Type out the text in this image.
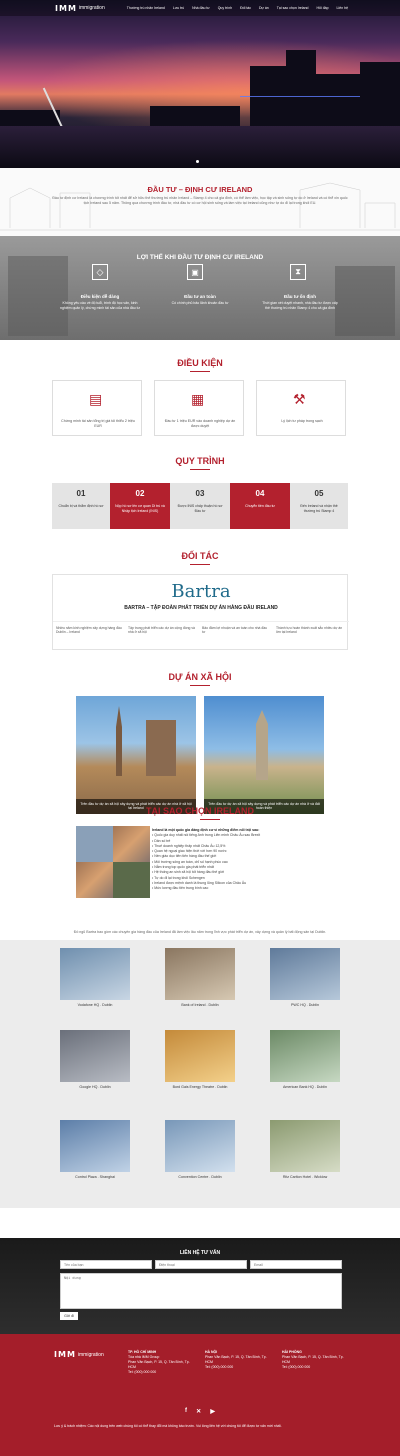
IMM immigration	Thường trú nhân Ireland Lưu trú Nhà đầu tư Quy trình Đối tác Dự án Tại sao chọn Ireland Hỏi đáp Liên hệ
ĐẦU TƯ – ĐỊNH CƯ IRELAND
Đầu tư định cư Ireland là chương trình tốt nhất để sở hữu thẻ thường trú nhân Ireland – Stamp 4 cho cả gia đình, có thể làm việc, học tập và sinh sống tự do ở Ireland và có thể xin quốc tịch Ireland sau 5 năm. Thông qua chương trình đầu tư, nhà đầu tư có cơ hội sinh sống và làm việc tại Ireland cũng như tự do đi lại trong khối EU.
LỢI THẾ KHI ĐẦU TƯ ĐỊNH CƯ IRELAND
◇	▣	⧗
Điều kiện dễ dàng
Không yêu cầu về độ tuổi, trình độ học vấn, kinh nghiệm quản lý, chứng minh tài sản của nhà đầu tư
Đầu tư an toàn
Có chính phủ bảo lãnh khoản đầu tư
Đầu tư ổn định
Thời gian xét duyệt nhanh, nhà đầu tư được cấp thẻ thường trú nhân Stamp 4 cho cả gia đình
ĐIỀU KIỆN
▤
Chứng minh tài sản tổng trị giá tối thiểu 2 triệu EUR
▦
Đầu tư 1 triệu EUR vào doanh nghiệp dự án được duyệt
⚒
Lý lịch tư pháp trong sạch
QUY TRÌNH
01
Chuẩn bị và thẩm định hồ sơ
02
Nộp hồ sơ lên cơ quan Di trú và Nhập tịch Ireland (INIS)
03
Được INIS chấp thuận hồ sơ Đầu tư
04
Chuyển tiền đầu tư
05
Đến Ireland và nhận thẻ thường trú Stamp 4
ĐỐI TÁC
Bartra
BARTRA – TẬP ĐOÀN PHÁT TRIỂN DỰ ÁN HÀNG ĐẦU IRELAND
Nhiều năm kinh nghiệm xây dựng hàng đầu Dublin – Ireland
Tập trung phát triển các dự án cộng đồng và nhà ở xã hội
Bảo đảm lợi nhuận và an toàn cho nhà đầu tư
Thành tựu hoàn thành xuất sắc nhiều dự án lớn tại Ireland
DỰ ÁN XÃ HỘI
Trên đầu tư dự án xã hội xây dựng và phát triển các dự án nhà ở xã hội tại Ireland
Trên đầu tư dự án xã hội xây dựng và phát triển các dự án nhà ở và đất hoàn thiện
TẠI SAO CHỌN IRELAND
Ireland là một quốc gia đáng định cư vì những điểm nổi trội sau:
• Quốc gia duy nhất nói tiếng Anh trong Liên minh Châu Âu sau Brexit
• Dân số trẻ
• Thuế doanh nghiệp thấp nhất Châu Âu 12,5%
• Quan hệ ngoại giao hiện thời với hơn 90 nước
• Nền giáo dục tiên tiến hàng đầu thế giới
• Môi trường sống an toàn, chỉ số hạnh phúc cao
• Nằm trong top quốc gia phát triển nhất
• Hệ thống an sinh xã hội tốt hàng đầu thế giới
• Tự do đi lại trong khối Schengen
• Ireland được mệnh danh là thung lũng Silicon của Châu Âu
• Mức lương đầu tiên trung bình cao
Đô ngũ Bartra bao gồm các chuyên gia hàng đầu của Ireland đã làm việc lâu năm trong lĩnh vực phát triển dự án, xây dựng và quản lý bất động sản tại Dublin.
Vodafone HQ . Dublin	Bank of Ireland . Dublin	PWC HQ . Dublin
Google HQ . Dublin	Bord Gais Energy Theatre . Dublin	American Bank HQ . Dublin
Control Plaza . Shanghai	Convention Centre . Dublin	Ritz Carlton Hotel . Wicklow
LIÊN HỆ TƯ VẤN
Tên của bạn
Điện thoại
Email
Nội dung
Gửi đi
IMM immigration	TP. HỒ CHÍ MINH
Tòa nhà IMM Group
Phan Văn Bạch, P. 15, Q. Tân Bình, Tp. HCM
Tel: (000) 000 000
HÀ NỘI
Phan Văn Bạch, P. 15, Q. Tân Bình, Tp. HCM
Tel: (000) 000 000
HẢI PHÒNG
Phan Văn Bạch, P. 15, Q. Tân Bình, Tp. HCM
Tel: (000) 000 000
f ✕ ▶
Lưu ý & trách nhiệm: Các nội dung trên web chúng tôi có thể thay đổi mà không báo trước. Vui lòng liên hệ với chúng tôi để được tư vấn mới nhất.
